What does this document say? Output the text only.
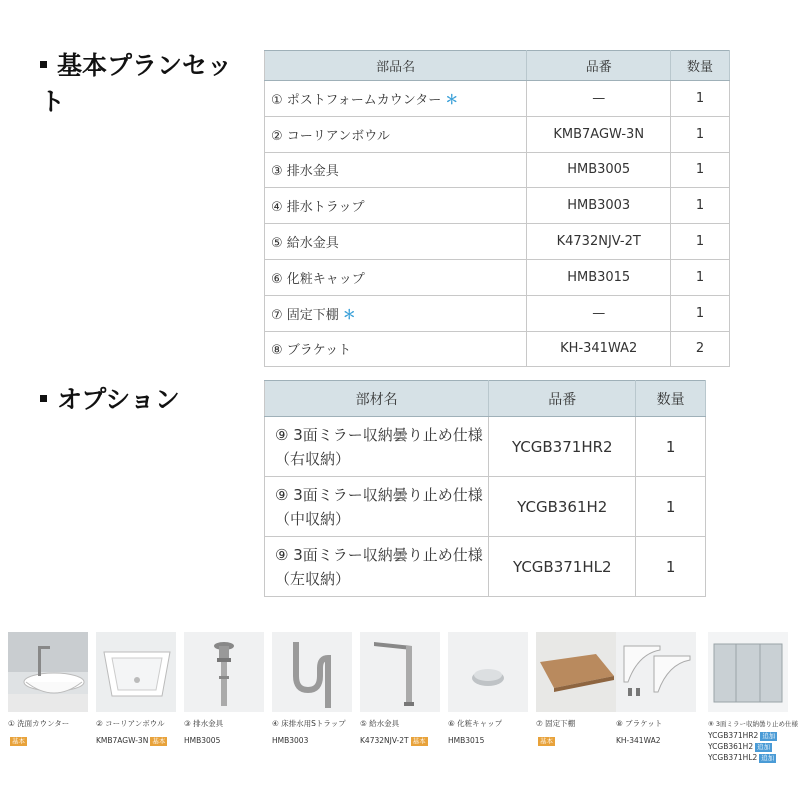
基本プランセット
オプション
部品名	品番	数量
① ポストフォームカウンター ＊	—	1
② コーリアンボウル	KMB7AGW-3N	1
③ 排水金具	HMB3005	1
④ 排水トラップ	HMB3003	1
⑤ 給水金具	K4732NJV-2T	1
⑥ 化粧キャップ	HMB3015	1
⑦ 固定下棚 ＊	—	1
⑧ ブラケット	KH-341WA2	2
部材名	品番	数量

⑨ 3面ミラー収納曇り止め仕様
（右収納）	YCGB371HR2	1

⑨ 3面ミラー収納曇り止め仕様
（中収納）	YCGB361H2	1

⑨ 3面ミラー収納曇り止め仕様
（左収納）	YCGB371HL2	1
① 洗面カウンター
基本
② コーリアンボウル
KMB7AGW-3N 基本
③ 排水金具
HMB3005
④ 床排水用Sトラップ
HMB3003
⑤ 給水金具
K4732NJV-2T 基本
⑥ 化粧キャップ
HMB3015
⑦ 固定下棚
基本
⑧ ブラケット
KH-341WA2
⑨ 3面ミラー収納曇り止め仕様
YCGB371HR2 追加
YCGB361H2 追加
YCGB371HL2 追加
